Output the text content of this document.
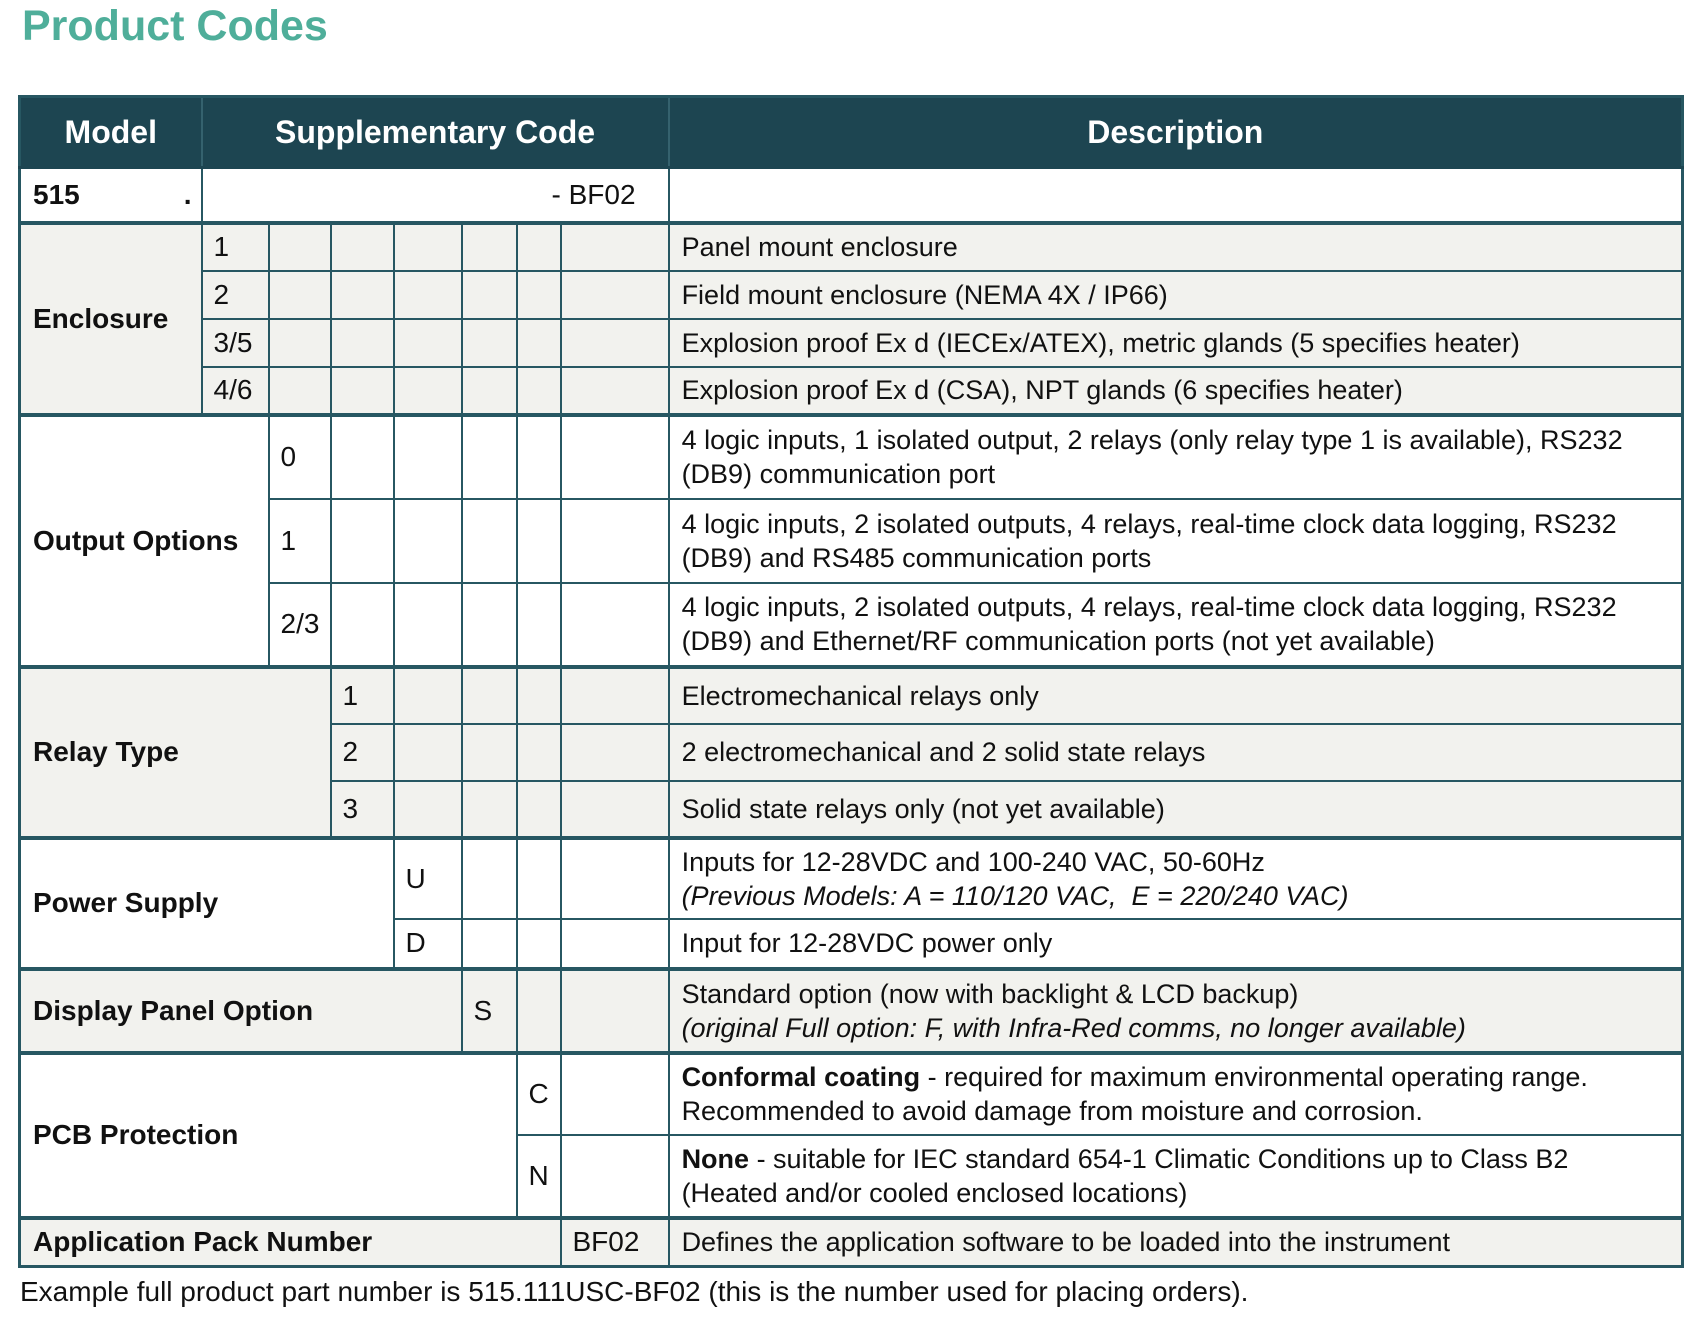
Product Codes
Model	Supplementary Code							Description

515 .	- BF02							
Enclosure	1							Panel mount enclosure

	2							Field mount enclosure (NEMA 4X / IP66)

	3/5							Explosion proof Ex d (IECEx/ATEX), metric glands (5 specifies heater)

	4/6							Explosion proof Ex d (CSA), NPT glands (6 specifies heater)

Output Options		0						4 logic inputs, 1 isolated output, 2 relays (only relay type 1 is available), RS232
(DB9) communication port

		1						4 logic inputs, 2 isolated outputs, 4 relays, real-time clock data logging, RS232
(DB9) and RS485 communication ports

		2/3						4 logic inputs, 2 isolated outputs, 4 relays, real-time clock data logging, RS232
(DB9) and Ethernet/RF communication ports (not yet available)

Relay Type			1					Electromechanical relays only

			2					2 electromechanical and 2 solid state relays

			3					Solid state relays only (not yet available)

Power Supply				U				Inputs for 12-28VDC and 100-240 VAC, 50-60Hz
(Previous Models: A = 110/120 VAC,  E = 220/240 VAC)

				D				Input for 12-28VDC power only

Display Panel Option					S			Standard option (now with backlight & LCD backup)
(original Full option: F, with Infra-Red comms, no longer available)

PCB Protection						C		Conformal coating - required for maximum environmental operating range.
Recommended to avoid damage from moisture and corrosion.

						N		None - suitable for IEC standard 654-1 Climatic Conditions up to Class B2
(Heated and/or cooled enclosed locations)

Application Pack Number							BF02	Defines the application software to be loaded into the instrument
Example full product part number is 515.111USC-BF02 (this is the number used for placing orders).
